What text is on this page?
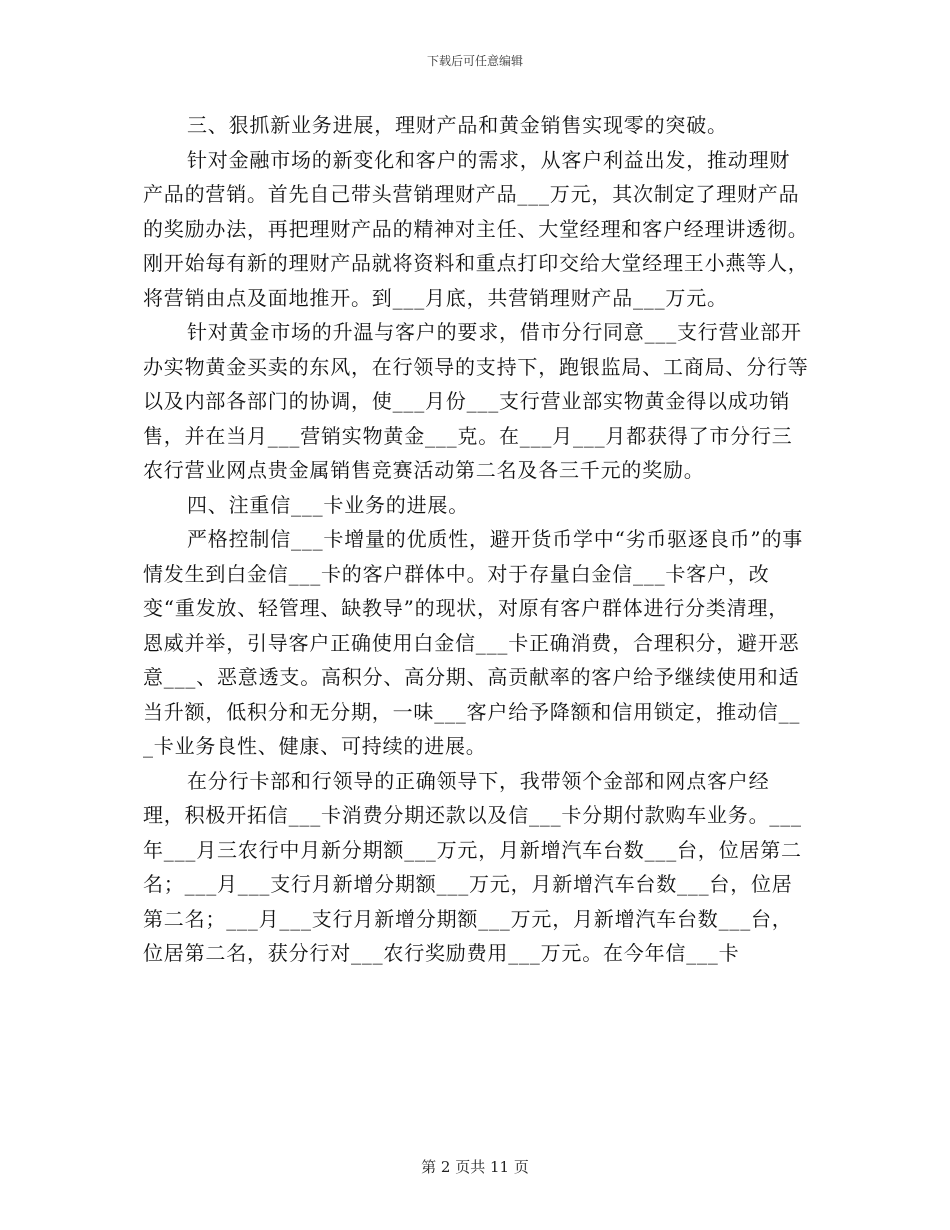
下载后可任意编辑

三、狠抓新业务进展，理财产品和黄金销售实现零的突破。

针对金融市场的新变化和客户的需求，从客户利益出发，推动理财产品的营销。首先自己带头营销理财产品___万元，其次制定了理财产品的奖励办法，再把理财产品的精神对主任、大堂经理和客户经理讲透彻。刚开始每有新的理财产品就将资料和重点打印交给大堂经理王小燕等人，将营销由点及面地推开。到___月底，共营销理财产品___万元。

针对黄金市场的升温与客户的要求，借市分行同意___支行营业部开办实物黄金买卖的东风，在行领导的支持下，跑银监局、工商局、分行等以及内部各部门的协调，使___月份___支行营业部实物黄金得以成功销售，并在当月___营销实物黄金___克。在___月___月都获得了市分行三农行营业网点贵金属销售竞赛活动第二名及各三千元的奖励。

四、注重信___卡业务的进展。

严格控制信___卡增量的优质性，避开货币学中“劣币驱逐良币”的事情发生到白金信___卡的客户群体中。对于存量白金信___卡客户，改变“重发放、轻管理、缺教导”的现状，对原有客户群体进行分类清理，恩威并举，引导客户正确使用白金信___卡正确消费，合理积分，避开恶意___、恶意透支。高积分、高分期、高贡献率的客户给予继续使用和适当升额，低积分和无分期，一味___客户给予降额和信用锁定，推动信___卡业务良性、健康、可持续的进展。

在分行卡部和行领导的正确领导下，我带领个金部和网点客户经理，积极开拓信___卡消费分期还款以及信___卡分期付款购车业务。___年___月三农行中月新分期额___万元，月新增汽车台数___台，位居第二名；___月___支行月新增分期额___万元，月新增汽车台数___台，位居第二名；___月___支行月新增分期额___万元，月新增汽车台数___台，位居第二名，获分行对___农行奖励费用___万元。在今年信___卡

第 2 页共 11 页
